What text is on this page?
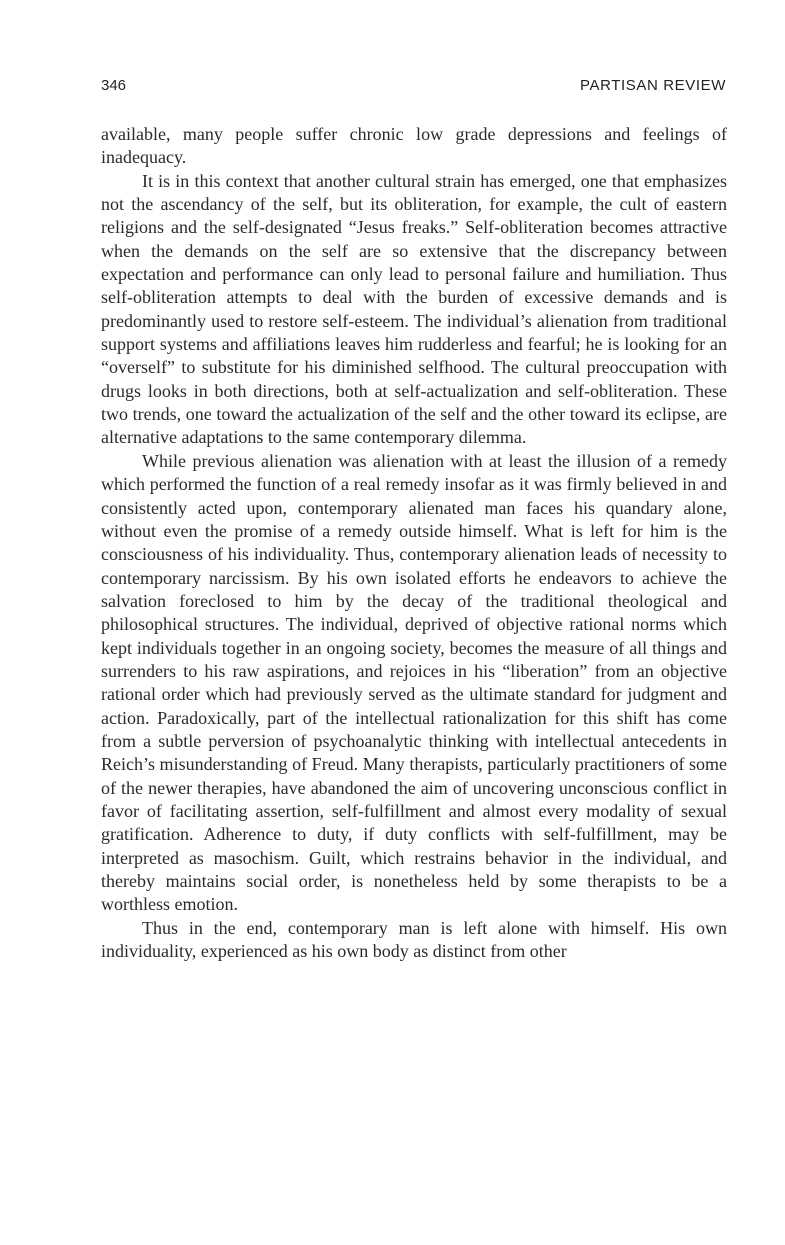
346	PARTISAN REVIEW

available, many people suffer chronic low grade depressions and feelings of inadequacy.

It is in this context that another cultural strain has emerged, one that emphasizes not the ascendancy of the self, but its obliteration, for example, the cult of eastern religions and the self-designated “Jesus freaks.” Self-obliteration becomes attractive when the demands on the self are so extensive that the discrepancy between expectation and performance can only lead to personal failure and humiliation. Thus self-obliteration attempts to deal with the burden of excessive demands and is predominantly used to restore self-esteem. The individual’s alienation from traditional support systems and affiliations leaves him rudderless and fearful; he is looking for an “overself” to substitute for his diminished selfhood. The cultural preoccupation with drugs looks in both directions, both at self-actualization and self-obliteration. These two trends, one toward the actualization of the self and the other toward its eclipse, are alternative adaptations to the same contemporary dilemma.

While previous alienation was alienation with at least the illusion of a remedy which performed the function of a real remedy insofar as it was firmly believed in and consistently acted upon, contemporary alienated man faces his quandary alone, without even the promise of a remedy outside himself. What is left for him is the consciousness of his individuality. Thus, contemporary alienation leads of necessity to contemporary narcissism. By his own isolated efforts he endeavors to achieve the salvation foreclosed to him by the decay of the traditional theological and philosophical structures. The individual, deprived of objective rational norms which kept individuals together in an ongoing society, becomes the measure of all things and surrenders to his raw aspirations, and rejoices in his “liberation” from an objective rational order which had previously served as the ultimate standard for judgment and action. Paradoxically, part of the intellectual rationalization for this shift has come from a subtle perversion of psychoanalytic thinking with intellectual antecedents in Reich’s misunderstanding of Freud. Many therapists, particularly practitioners of some of the newer therapies, have abandoned the aim of uncovering unconscious conflict in favor of facilitating assertion, self-fulfillment and almost every modality of sexual gratification. Adherence to duty, if duty conflicts with self-fulfillment, may be interpreted as masochism. Guilt, which restrains behavior in the individual, and thereby maintains social order, is nonetheless held by some therapists to be a worthless emotion.

Thus in the end, contemporary man is left alone with himself. His own individuality, experienced as his own body as distinct from other
